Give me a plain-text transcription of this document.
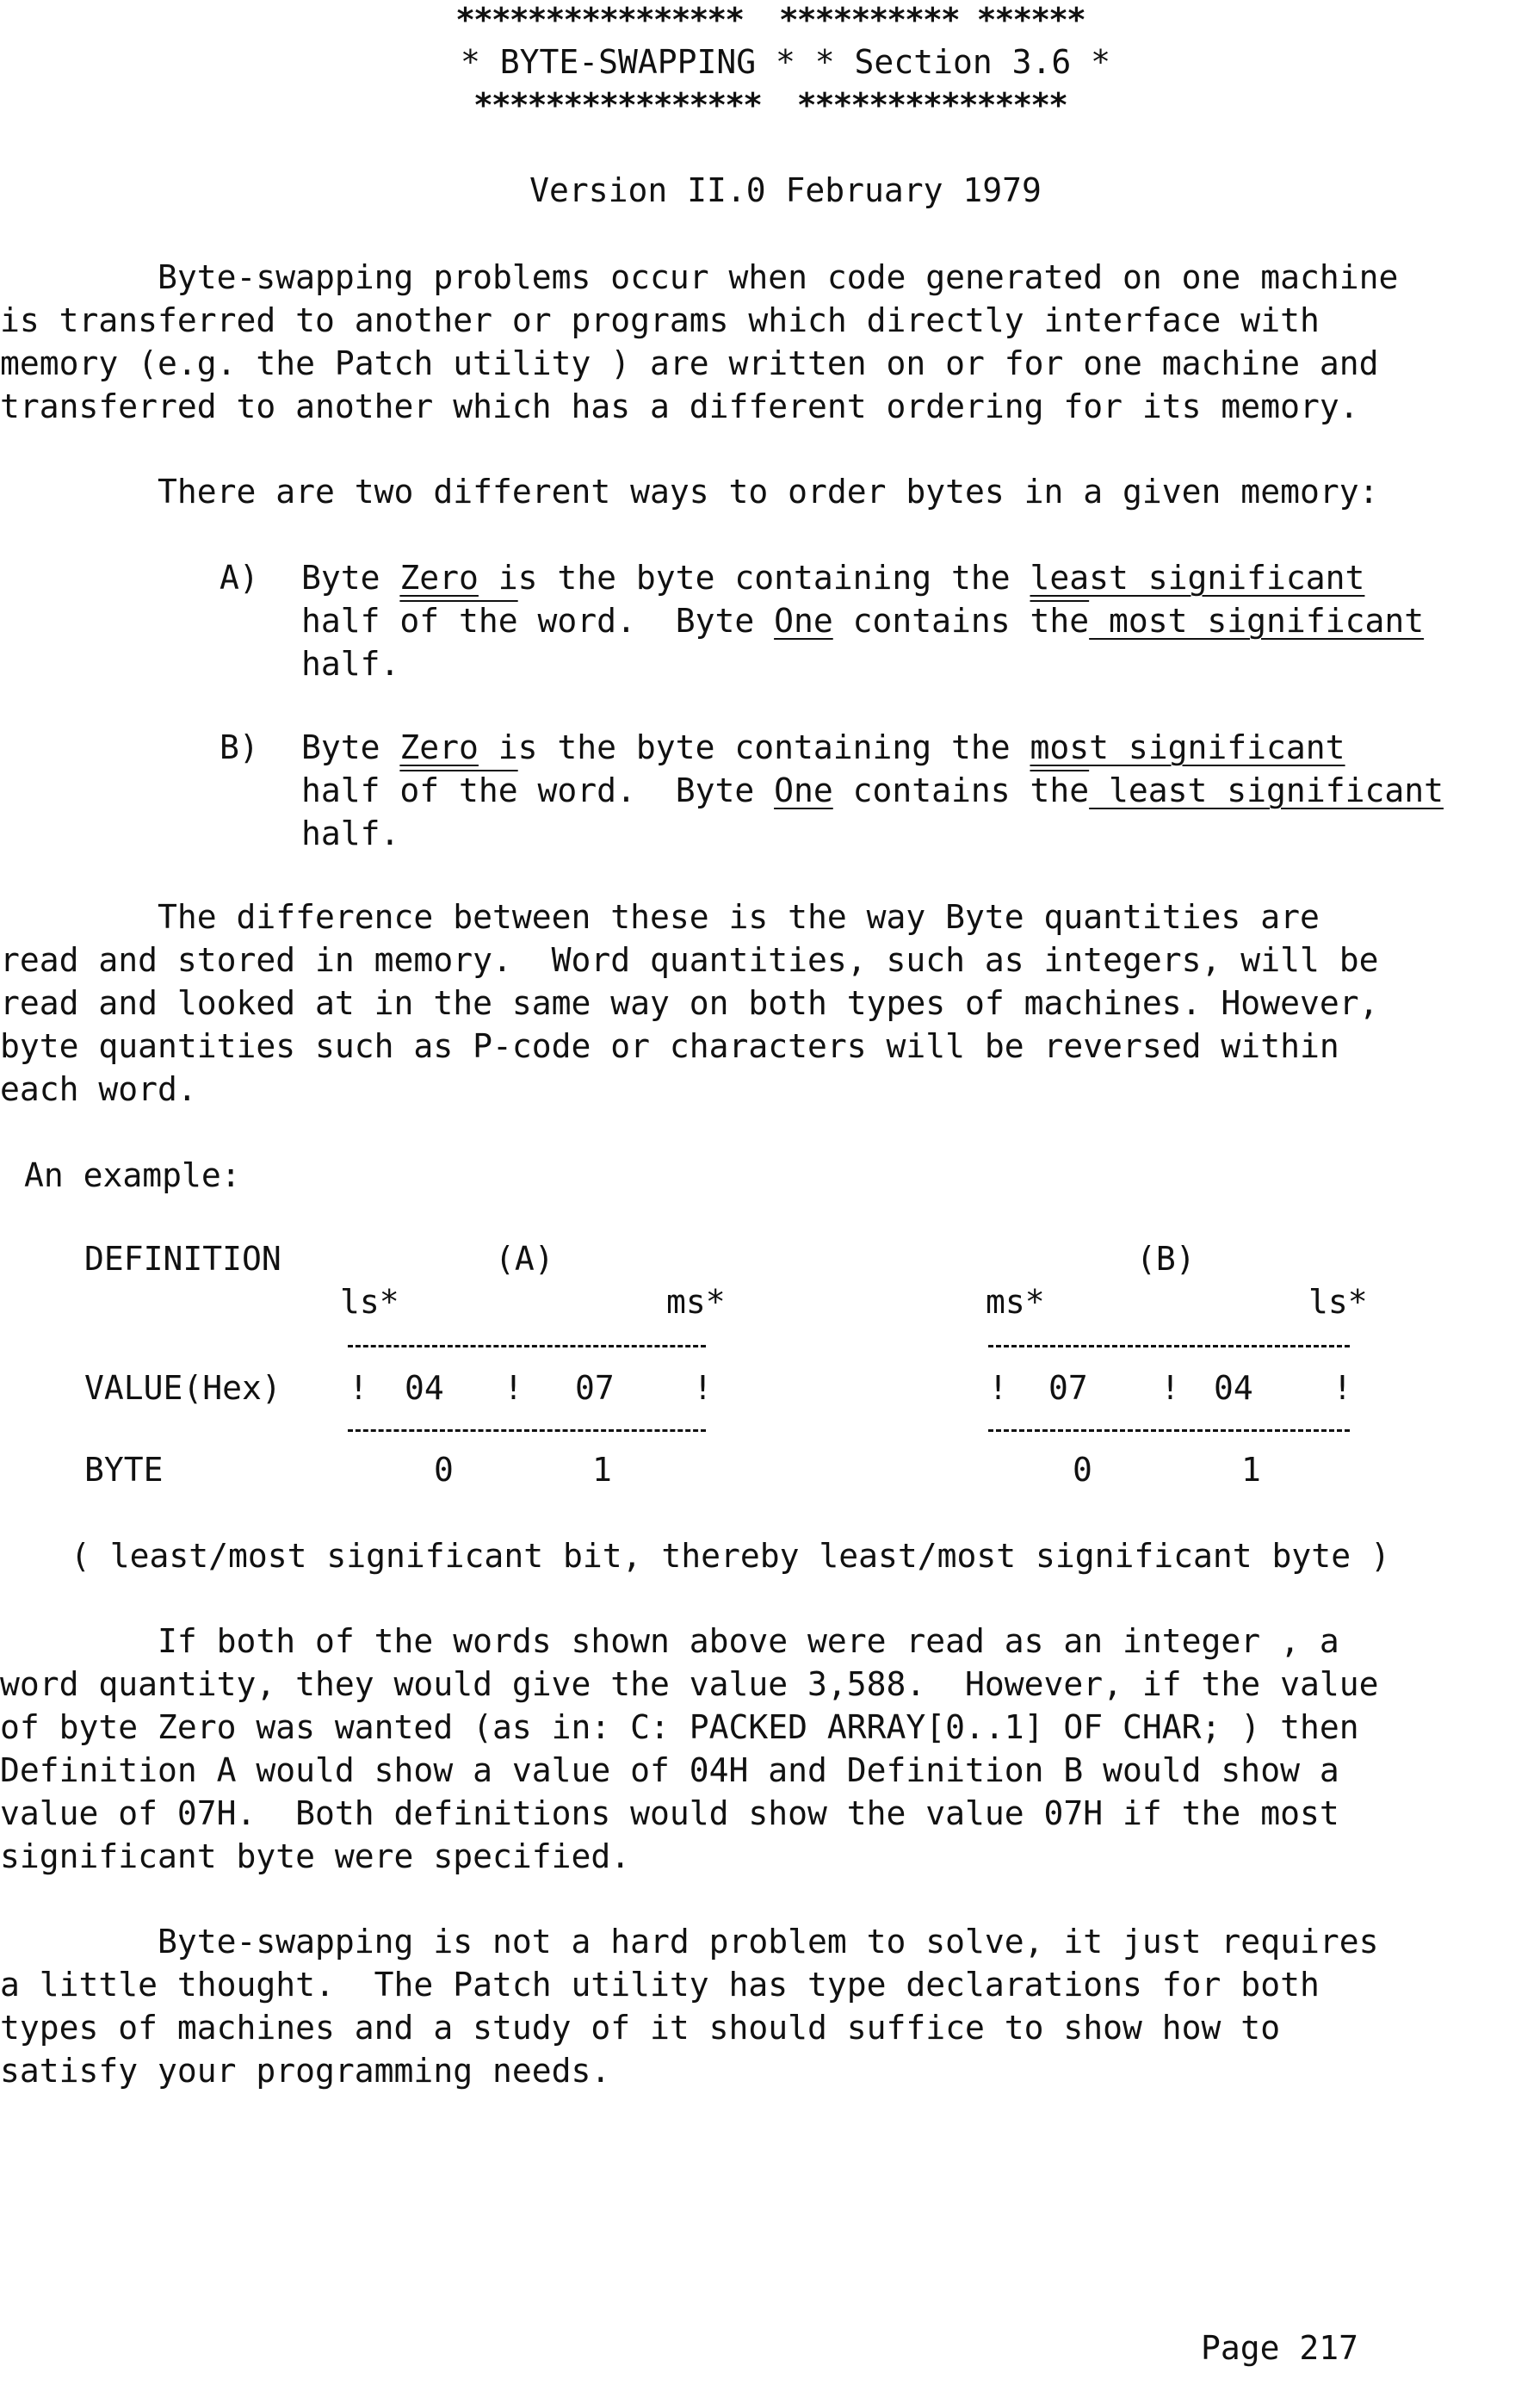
****************  ********** ******

* BYTE-SWAPPING * * Section 3.6 *

****************  ***************

Version II.0 February 1979

Byte-swapping problems occur when code generated on one machine

is transferred to another or programs which directly interface with

memory (e.g. the Patch utility ) are written on or for one machine and

transferred to another which has a different ordering for its memory.

There are two different ways to order bytes in a given memory:

A) Byte Zero is the byte containing the least significant

half of the word.  Byte One contains $\overline{the}$ most significant

half.

B) Byte Zero is the byte containing the most significant

half of the word.  Byte One contains $\overline{the}$ least significant

half.

The difference between these is the way Byte quantities are

read and stored in memory.  Word quantities, such as integers, will be

read and looked at in the same way on both types of machines. However,

byte quantities such as P-code or characters will be reversed within

each word.

An example:

DEFINITION	(A)	(B)

ls*	ms*	ms*	ls*

VALUE(Hex) ! 04 ! 07 !	! 07 ! 04 !

BYTE	0	1	0	1

( least/most significant bit, thereby least/most significant byte )

If both of the words shown above were read as an integer , a

word quantity, they would give the value 3,588.  However, if the value

of byte Zero was wanted (as in: C: PACKED ARRAY[0..1] OF CHAR; ) then

Definition A would show a value of 04H and Definition B would show a

value of 07H.  Both definitions would show the value 07H if the most

significant byte were specified.

Byte-swapping is not a hard problem to solve, it just requires

a little thought.  The Patch utility has type declarations for both

types of machines and a study of it should suffice to show how to

satisfy your programming needs.

Page 217
